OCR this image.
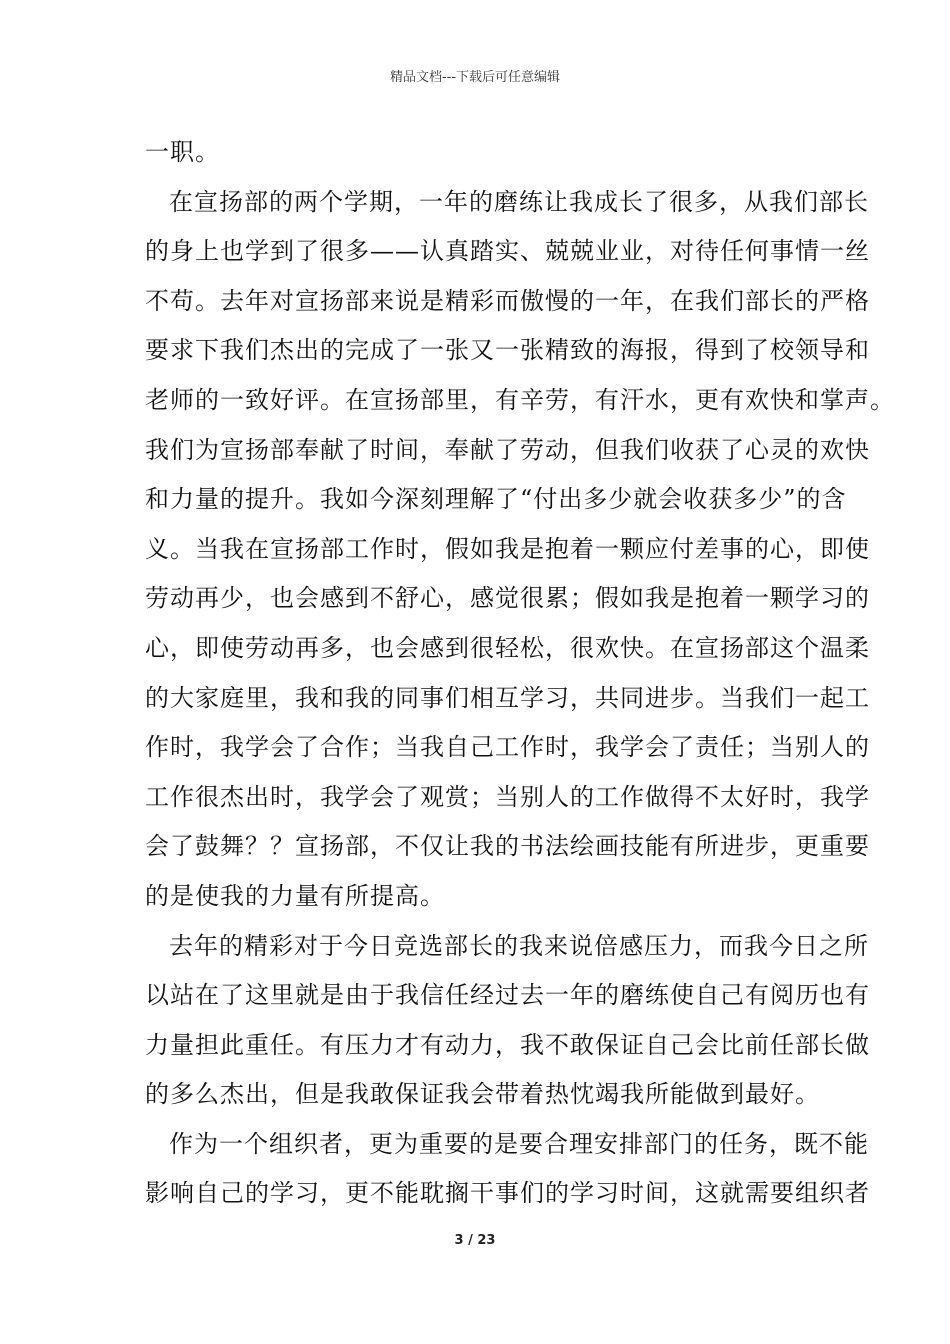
精品文档---下载后可任意编辑
一职。
在宣扬部的两个学期，一年的磨练让我成长了很多，从我们部长
的身上也学到了很多——认真踏实、兢兢业业，对待任何事情一丝
不苟。去年对宣扬部来说是精彩而傲慢的一年，在我们部长的严格
要求下我们杰出的完成了一张又一张精致的海报，得到了校领导和
老师的一致好评。在宣扬部里，有辛劳，有汗水，更有欢快和掌声。
我们为宣扬部奉献了时间，奉献了劳动，但我们收获了心灵的欢快
和力量的提升。我如今深刻理解了“付出多少就会收获多少”的含
义。当我在宣扬部工作时，假如我是抱着一颗应付差事的心，即使
劳动再少，也会感到不舒心，感觉很累；假如我是抱着一颗学习的
心，即使劳动再多，也会感到很轻松，很欢快。在宣扬部这个温柔
的大家庭里，我和我的同事们相互学习，共同进步。当我们一起工
作时，我学会了合作；当我自己工作时，我学会了责任；当别人的
工作很杰出时，我学会了观赏；当别人的工作做得不太好时，我学
会了鼓舞？？宣扬部，不仅让我的书法绘画技能有所进步，更重要
的是使我的力量有所提高。
去年的精彩对于今日竞选部长的我来说倍感压力，而我今日之所
以站在了这里就是由于我信任经过去一年的磨练使自己有阅历也有
力量担此重任。有压力才有动力，我不敢保证自己会比前任部长做
的多么杰出，但是我敢保证我会带着热忱竭我所能做到最好。
作为一个组织者，更为重要的是要合理安排部门的任务，既不能
影响自己的学习，更不能耽搁干事们的学习时间，这就需要组织者
3 / 23
